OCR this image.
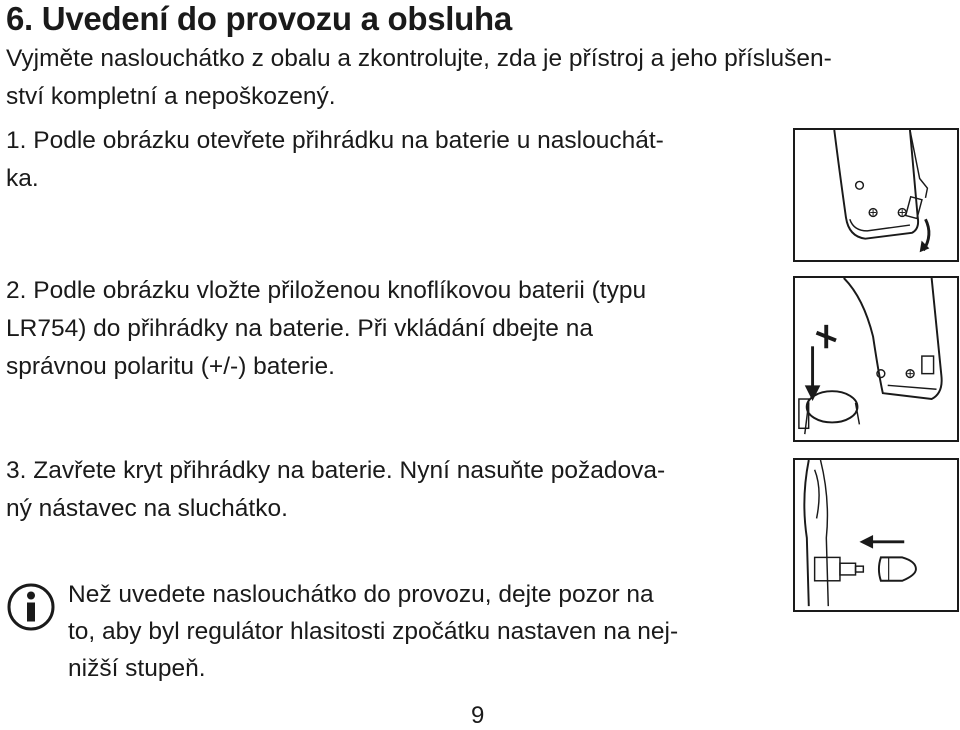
6. Uvedení do provozu a obsluha

Vyjměte naslouchátko z obalu a zkontrolujte, zda je přístroj a jeho příslušen-
ství kompletní a nepoškozený.

1. Podle obrázku otevřete přihrádku na baterie u naslouchát-
ka.

2. Podle obrázku vložte přiloženou knoflíkovou baterii (typu
LR754) do přihrádky na baterie. Při vkládání dbejte na
správnou polaritu (+/-) baterie.

3. Zavřete kryt přihrádky na baterie. Nyní nasuňte požadova-
ný nástavec na sluchátko.

Než uvedete naslouchátko do provozu, dejte pozor na
to, aby byl regulátor hlasitosti zpočátku nastaven na nej-
nižší stupeň.

9
